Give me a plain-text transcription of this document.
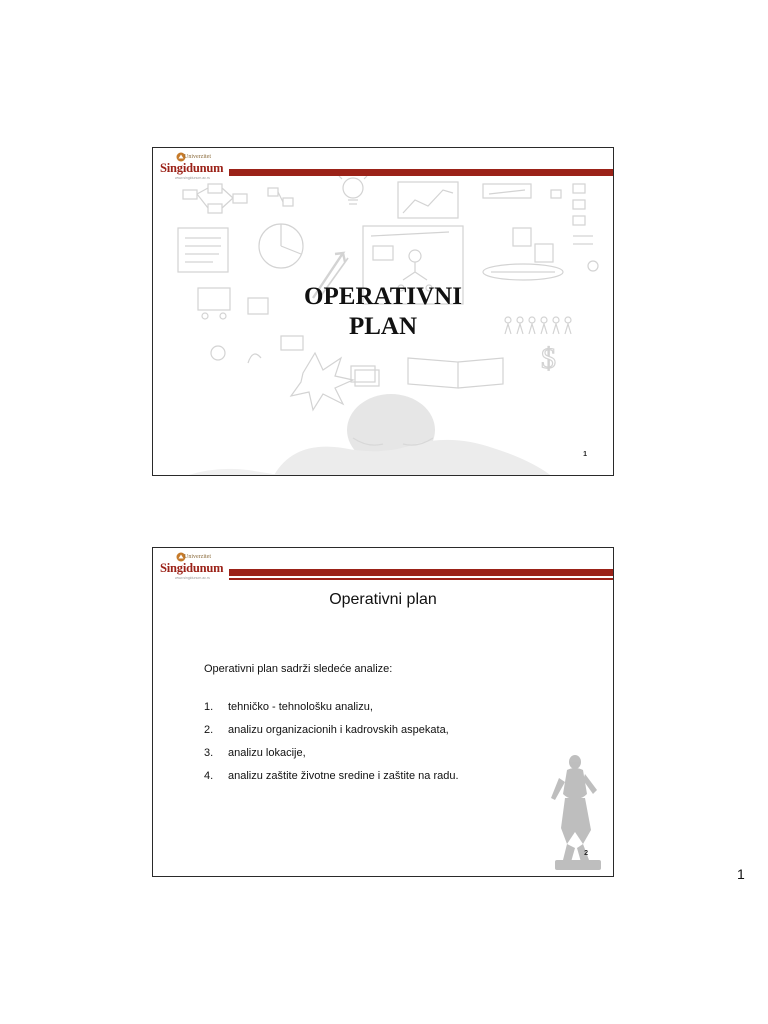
$
Univerzitet
Singidunum
www.singidunum.ac.rs
OPERATIVNI
PLAN
1
Univerzitet
Singidunum
www.singidunum.ac.rs
Operativni plan
Operativni plan sadrži sledeće analize:
1. tehničko - tehnološku analizu,
2. analizu organizacionih i kadrovskih aspekata,
3. analizu lokacije,
4. analizu zaštite životne sredine i zaštite na radu.
2
1
